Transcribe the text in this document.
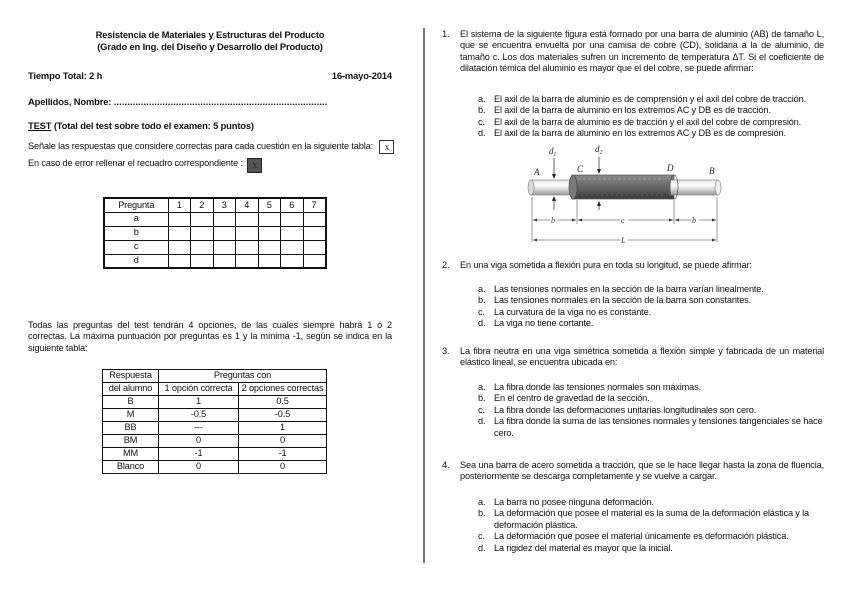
Resistencia de Materiales y Estructuras del Producto
(Grado en Ing. del Diseño y Desarrollo del Producto)
Tiempo Total: 2 h	16-mayo-2014
Apellidos, Nombre: ...............................................................................
TEST (Total del test sobre todo el examen: 5 puntos)
Señale las respuestas que considere correctas para cada cuestión en la siguiente tabla: x
En caso de error rellenar el recuadro correspondiente : x
Pregunta	1	2	3	4	5	6	7
a							
b							
c							
d							
Todas las preguntas del test tendrán 4 opciones, de las cuales siempre habrá 1 ó 2 correctas. La máxima puntuación por preguntas es 1 y la mínima -1, según se indica en la siguiente tabla:
Respuesta	Preguntas con	
del alumno	1 opción correcta	2 opciones correctas
B	1	0.5
M	-0.5	-0.5
BB	---	1
BM	0	0
MM	-1	-1
Blanco	0	0
1. El sistema de la siguiente figura está formado por una barra de aluminio (AB) de tamaño L, que se encuentra envuelta por una camisa de cobre (CD), solidaria a la de aluminio, de tamaño c. Los dos materiales sufren un incremento de temperatura ΔT. Si el coeficiente de dilatación témica del aluminio es mayor que el del cobre, se puede afirmar:
a. El axil de la barra de aluminio es de comprensión y el axil del cobre de tracción.
b. El axil de la barra de aluminio en los extremos AC y DB es de tracción.
c. El axil de la barra de aluminio es de tracción y el axil del cobre de compresión.
d. El axil de la barra de aluminio en los extremos AC y DB es de compresión.
2. En una viga sometida a flexión pura en toda su longitud, se puede afirmar:
a. Las tensiones normales en la sección de la barra varían linealmente.
b. Las tensiones normales en la sección de la barra son constantes.
c. La curvatura de la viga no es constante.
d. La viga no tiene cortante.
3. La fibra neutra en una viga simétrica sometida a flexión simple y fabricada de un material elástico lineal, se encuentra ubicada en:
a. La fibra donde las tensiones normales son máximas.
b. En el centro de gravedad de la sección.
c. La fibra donde las deformaciones unitarias longitudinales son cero.
d. La fibra donde la suma de las tensiones normales y tensiones tangenciales se hace cero.
4. Sea una barra de acero sometida a tracción, que se le hace llegar hasta la zona de fluencia, posteriormente se descarga completamente y se vuelve a cargar.
a. La barra no posee ninguna deformación.
b. La deformación que posee el material es la suma de la deformación elástica y la deformación plástica.
c. La deformación que posee el material únicamente es deformación plástica.
d. La rigidez del material es mayor que la inicial.
A	C	D	B
$d_1$
$d_2$
b	c	b
L
